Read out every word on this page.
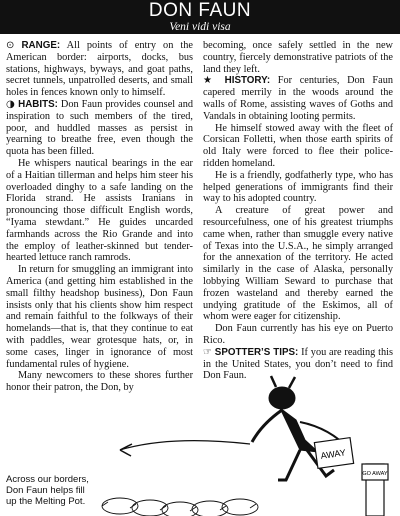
DON FAUN
Veni vidi visa

⊙ RANGE: All points of entry on the American border: airports, docks, bus stations, highways, byways, and goat paths, secret tunnels, unpatrolled deserts, and small holes in fences known only to himself.

◑ HABITS: Don Faun provides counsel and inspiration to such members of the tired, poor, and huddled masses as persist in yearning to breathe free, even though the quota has been filled.

He whispers nautical bearings in the ear of a Haitian tillerman and helps him steer his overloaded dinghy to a safe landing on the Florida strand. He assists Iranians in pronouncing those difficult English words, “Iyama stewdant.” He guides uncarded farmhands across the Rio Grande and into the employ of leather-skinned but tender-hearted lettuce ranch ramrods.

In return for smuggling an immigrant into America (and getting him established in the small filthy headshop business), Don Faun insists only that his clients show him respect and remain faithful to the folkways of their homelands—that is, that they continue to eat with paddles, wear grotesque hats, or, in some cases, linger in ignorance of most fundamental rules of hygiene.

Many newcomers to these shores further honor their patron, the Don, by

becoming, once safely settled in the new country, fiercely demonstrative patriots of the land they left.

★ HISTORY: For centuries, Don Faun capered merrily in the woods around the walls of Rome, assisting waves of Goths and Vandals in obtaining looting permits.

He himself stowed away with the fleet of Corsican Folletti, when those earth spirits of old Italy were forced to flee their police-ridden homeland.

He is a friendly, godfatherly type, who has helped generations of immigrants find their way to his adopted country.

A creature of great power and resourcefulness, one of his greatest triumphs came when, rather than smuggle every native of Texas into the U.S.A., he simply arranged for the annexation of the territory. He acted similarly in the case of Alaska, personally lobbying William Seward to purchase that frozen wasteland and thereby earned the undying gratitude of the Eskimos, all of whom were eager for citizenship.

Don Faun currently has his eye on Puerto Rico.

☞ SPOTTER’S TIPS: If you are reading this in the United States, you don’t need to find Don Faun.

AWAY
GO AWAY
Across our borders, Don Faun helps fill up the Melting Pot.
